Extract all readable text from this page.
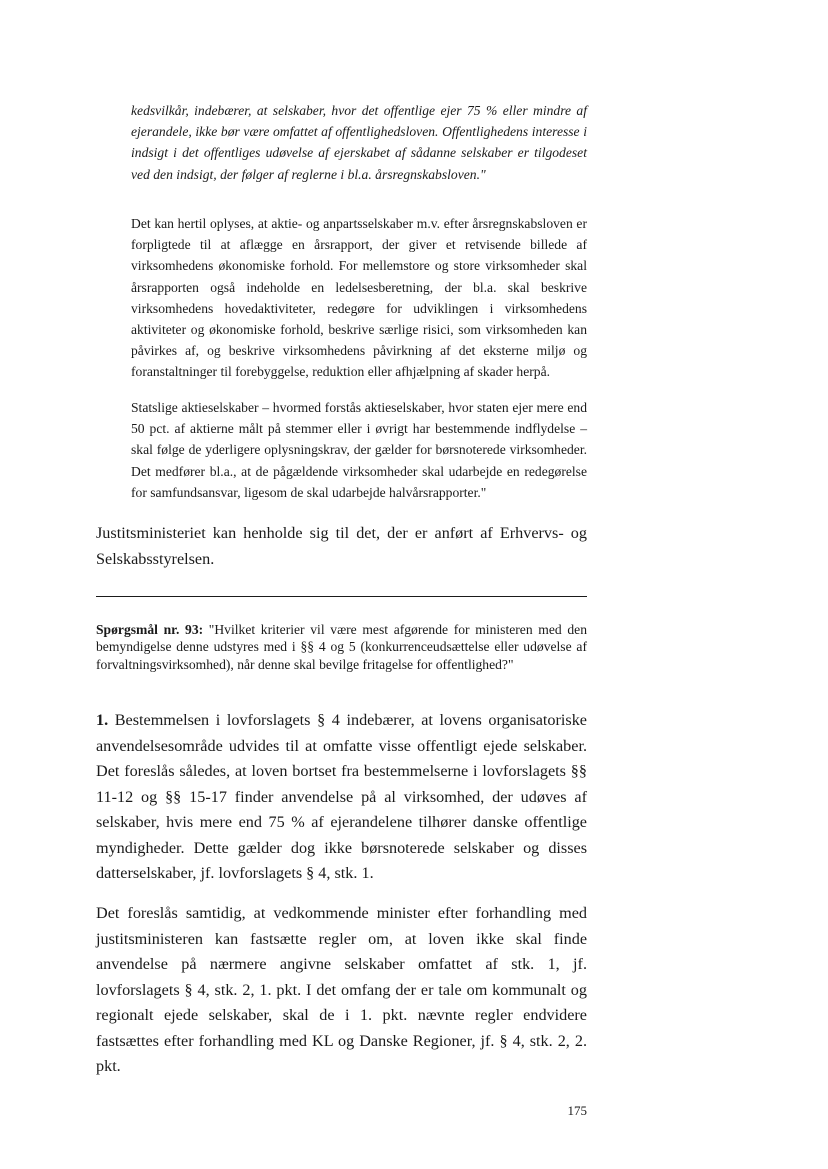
kedsvilkår, indebærer, at selskaber, hvor det offentlige ejer 75 % eller mindre af ejerandele, ikke bør være omfattet af offentlighedsloven. Offentlighedens interesse i indsigt i det offentliges udøvelse af ejerskabet af sådanne selskaber er tilgodeset ved den indsigt, der følger af reglerne i bl.a. årsregnskabsloven."

Det kan hertil oplyses, at aktie- og anpartsselskaber m.v. efter årsregnskabsloven er forpligtede til at aflægge en årsrapport, der giver et retvisende billede af virksomhedens økonomiske forhold. For mellemstore og store virksomheder skal årsrapporten også indeholde en ledelsesberetning, der bl.a. skal beskrive virksomhedens hovedaktiviteter, redegøre for udviklingen i virksomhedens aktiviteter og økonomiske forhold, beskrive særlige risici, som virksomheden kan påvirkes af, og beskrive virksomhedens påvirkning af det eksterne miljø og foranstaltninger til forebyggelse, reduktion eller afhjælpning af skader herpå.

Statslige aktieselskaber – hvormed forstås aktieselskaber, hvor staten ejer mere end 50 pct. af aktierne målt på stemmer eller i øvrigt har bestemmende indflydelse – skal følge de yderligere oplysningskrav, der gælder for børsnoterede virksomheder. Det medfører bl.a., at de pågældende virksomheder skal udarbejde en redegørelse for samfundsansvar, ligesom de skal udarbejde halvårsrapporter."

Justitsministeriet kan henholde sig til det, der er anført af Erhvervs- og Selskabsstyrelsen.

Spørgsmål nr. 93: "Hvilket kriterier vil være mest afgørende for ministeren med den bemyndigelse denne udstyres med i §§ 4 og 5 (konkurrenceudsættelse eller udøvelse af forvaltningsvirksomhed), når denne skal bevilge fritagelse for offentlighed?"

1. Bestemmelsen i lovforslagets § 4 indebærer, at lovens organisatoriske anvendelsesområde udvides til at omfatte visse offentligt ejede selskaber. Det foreslås således, at loven bortset fra bestemmelserne i lovforslagets §§ 11-12 og §§ 15-17 finder anvendelse på al virksomhed, der udøves af selskaber, hvis mere end 75 % af ejerandelene tilhører danske offentlige myndigheder. Dette gælder dog ikke børsnoterede selskaber og disses datterselskaber, jf. lovforslagets § 4, stk. 1.

Det foreslås samtidig, at vedkommende minister efter forhandling med justitsministeren kan fastsætte regler om, at loven ikke skal finde anvendelse på nærmere angivne selskaber omfattet af stk. 1, jf. lovforslagets § 4, stk. 2, 1. pkt. I det omfang der er tale om kommunalt og regionalt ejede selskaber, skal de i 1. pkt. nævnte regler endvidere fastsættes efter forhandling med KL og Danske Regioner, jf. § 4, stk. 2, 2. pkt.

175
